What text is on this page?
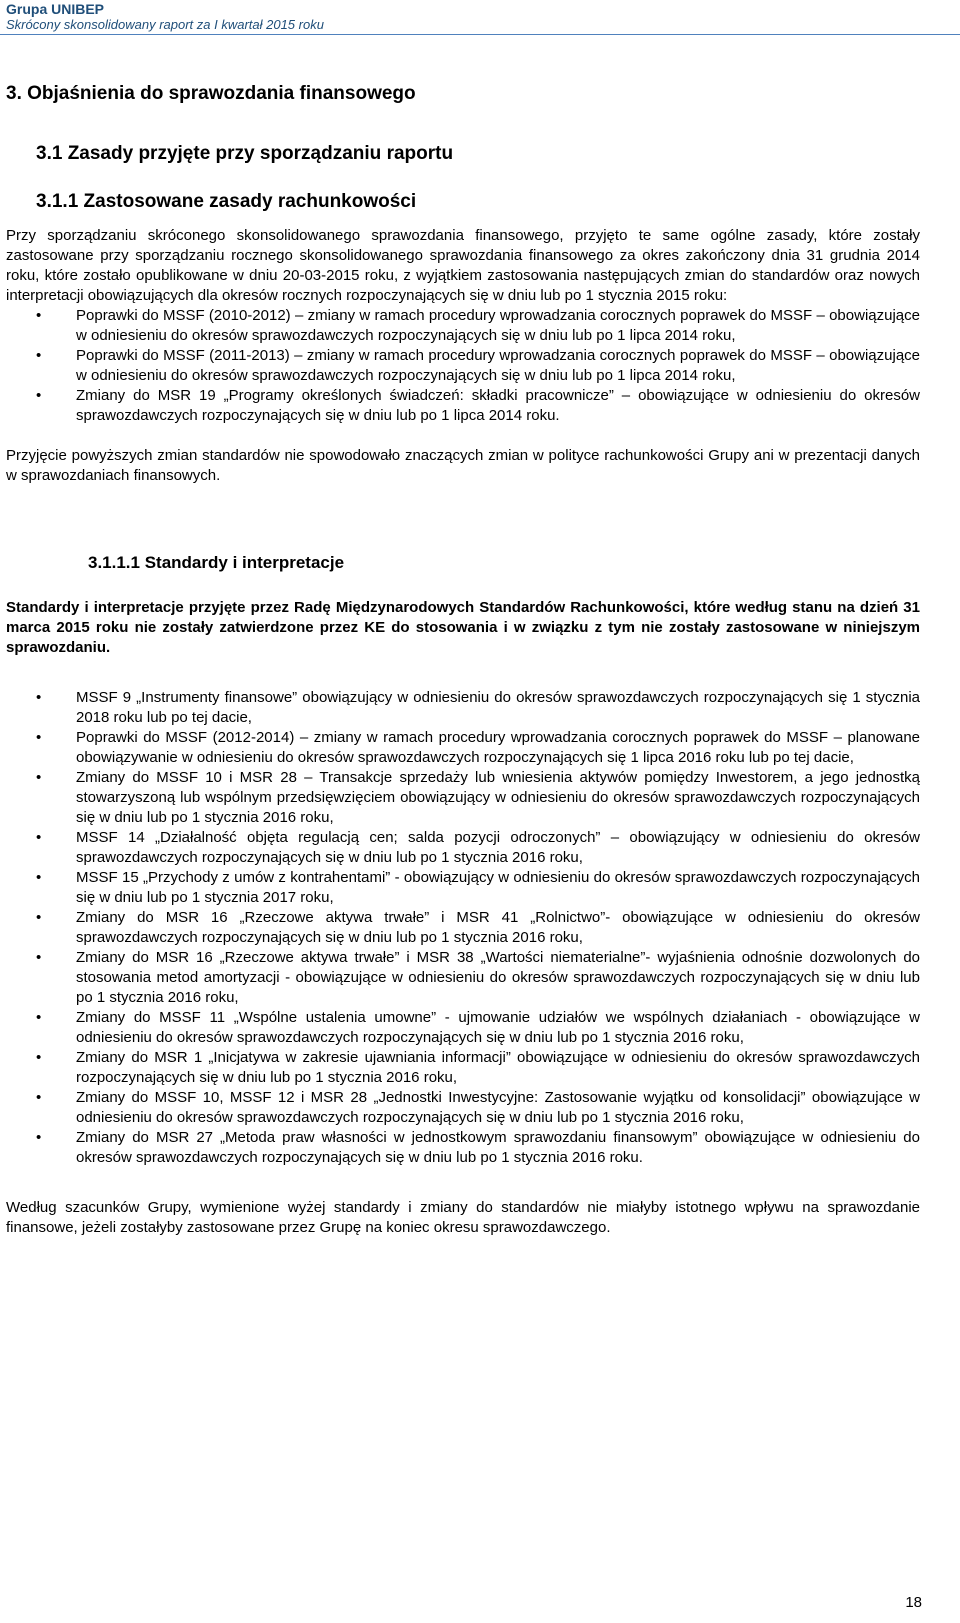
Grupa UNIBEP
Skrócony skonsolidowany raport za I kwartał 2015 roku
3. Objaśnienia do sprawozdania finansowego
3.1 Zasady przyjęte przy sporządzaniu raportu
3.1.1 Zastosowane zasady rachunkowości

Przy sporządzaniu skróconego skonsolidowanego sprawozdania finansowego, przyjęto te same ogólne zasady, które zostały zastosowane przy sporządzaniu rocznego skonsolidowanego sprawozdania finansowego za okres zakończony dnia 31 grudnia 2014 roku, które zostało opublikowane w dniu 20-03-2015 roku, z wyjątkiem zastosowania następujących zmian do standardów oraz nowych interpretacji obowiązujących dla okresów rocznych rozpoczynających się w dniu lub po 1 stycznia 2015 roku:

• Poprawki do MSSF (2010-2012) – zmiany w ramach procedury wprowadzania corocznych poprawek do MSSF – obowiązujące w odniesieniu do okresów sprawozdawczych rozpoczynających się w dniu lub po 1 lipca 2014 roku,
• Poprawki do MSSF (2011-2013) – zmiany w ramach procedury wprowadzania corocznych poprawek do MSSF – obowiązujące w odniesieniu do okresów sprawozdawczych rozpoczynających się w dniu lub po 1 lipca 2014 roku,
• Zmiany do MSR 19 „Programy określonych świadczeń: składki pracownicze” – obowiązujące w odniesieniu do okresów sprawozdawczych rozpoczynających się w dniu lub po 1 lipca 2014 roku.

Przyjęcie powyższych zmian standardów nie spowodowało znaczących zmian w polityce rachunkowości Grupy ani w prezentacji danych w sprawozdaniach finansowych.

3.1.1.1 Standardy i interpretacje

Standardy i interpretacje przyjęte przez Radę Międzynarodowych Standardów Rachunkowości, które według stanu na dzień 31 marca 2015 roku nie zostały zatwierdzone przez KE do stosowania i w związku z tym nie zostały zastosowane w niniejszym sprawozdaniu.

• MSSF 9 „Instrumenty finansowe” obowiązujący w odniesieniu do okresów sprawozdawczych rozpoczynających się 1 stycznia 2018 roku lub po tej dacie,
• Poprawki do MSSF (2012-2014) – zmiany w ramach procedury wprowadzania corocznych poprawek do MSSF – planowane obowiązywanie w odniesieniu do okresów sprawozdawczych rozpoczynających się 1 lipca 2016 roku lub po tej dacie,
• Zmiany do MSSF 10 i MSR 28 – Transakcje sprzedaży lub wniesienia aktywów pomiędzy Inwestorem, a jego jednostką stowarzyszoną lub wspólnym przedsięwzięciem obowiązujący w odniesieniu do okresów sprawozdawczych rozpoczynających się w dniu lub po 1 stycznia 2016 roku,
• MSSF 14 „Działalność objęta regulacją cen; salda pozycji odroczonych” – obowiązujący w odniesieniu do okresów sprawozdawczych rozpoczynających się w dniu lub po 1 stycznia 2016 roku,
• MSSF 15 „Przychody z umów z kontrahentami” - obowiązujący w odniesieniu do okresów sprawozdawczych rozpoczynających się w dniu lub po 1 stycznia 2017 roku,
• Zmiany do MSR 16 „Rzeczowe aktywa trwałe” i MSR 41 „Rolnictwo”- obowiązujące w odniesieniu do okresów sprawozdawczych rozpoczynających się w dniu lub po 1 stycznia 2016 roku,
• Zmiany do MSR 16 „Rzeczowe aktywa trwałe” i MSR 38 „Wartości niematerialne”- wyjaśnienia odnośnie dozwolonych do stosowania metod amortyzacji - obowiązujące w odniesieniu do okresów sprawozdawczych rozpoczynających się w dniu lub po 1 stycznia 2016 roku,
• Zmiany do MSSF 11 „Wspólne ustalenia umowne” - ujmowanie udziałów we wspólnych działaniach - obowiązujące w odniesieniu do okresów sprawozdawczych rozpoczynających się w dniu lub po 1 stycznia 2016 roku,
• Zmiany do MSR 1 „Inicjatywa w zakresie ujawniania informacji” obowiązujące w odniesieniu do okresów sprawozdawczych rozpoczynających się w dniu lub po 1 stycznia 2016 roku,
• Zmiany do MSSF 10, MSSF 12 i MSR 28 „Jednostki Inwestycyjne: Zastosowanie wyjątku od konsolidacji” obowiązujące w odniesieniu do okresów sprawozdawczych rozpoczynających się w dniu lub po 1 stycznia 2016 roku,
• Zmiany do MSR 27 „Metoda praw własności w jednostkowym sprawozdaniu finansowym” obowiązujące w odniesieniu do okresów sprawozdawczych rozpoczynających się w dniu lub po 1 stycznia 2016 roku.

Według szacunków Grupy, wymienione wyżej standardy i zmiany do standardów nie miałyby istotnego wpływu na sprawozdanie finansowe, jeżeli zostałyby zastosowane przez Grupę na koniec okresu sprawozdawczego.

18
